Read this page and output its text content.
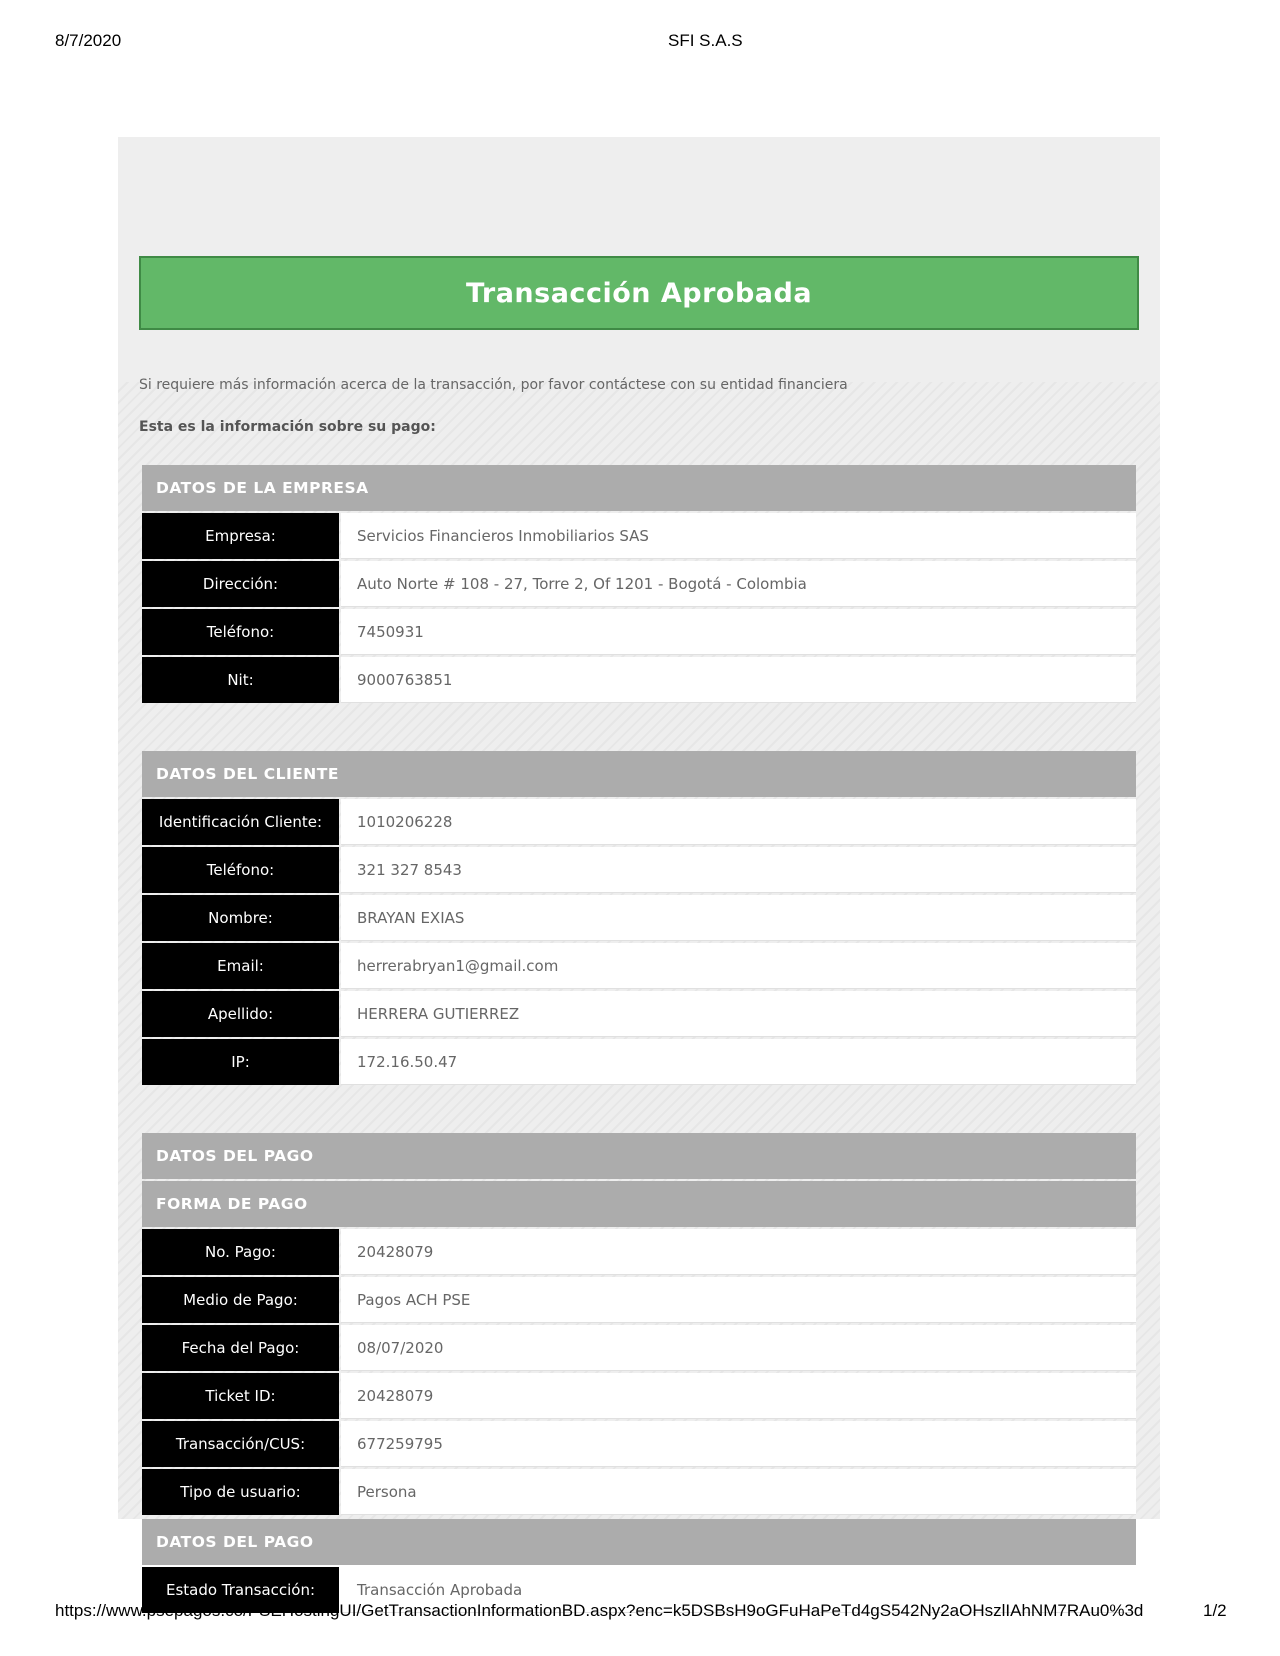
8/7/2020	SFI S.A.S
Transacción Aprobada
Si requiere más información acerca de la transacción, por favor contáctese con su entidad financiera
Esta es la información sobre su pago:
DATOS DE LA EMPRESA
Empresa:	Servicios Financieros Inmobiliarios SAS
Dirección:	Auto Norte # 108 - 27, Torre 2, Of 1201 - Bogotá - Colombia
Teléfono:	7450931
Nit:	9000763851
DATOS DEL CLIENTE
Identificación Cliente:	1010206228
Teléfono:	321 327 8543
Nombre:	BRAYAN EXIAS
Email:	herrerabryan1@gmail.com
Apellido:	HERRERA GUTIERREZ
IP:	172.16.50.47
DATOS DEL PAGO
FORMA DE PAGO
No. Pago:	20428079
Medio de Pago:	Pagos ACH PSE
Fecha del Pago:	08/07/2020
Ticket ID:	20428079
Transacción/CUS:	677259795
Tipo de usuario:	Persona
DATOS DEL PAGO
Estado Transacción:	Transacción Aprobada
https://www.psepagos.co/PSEHostingUI/GetTransactionInformationBD.aspx?enc=k5DSBsH9oGFuHaPeTd4gS542Ny2aOHszlIAhNM7RAu0%3d	1/2
